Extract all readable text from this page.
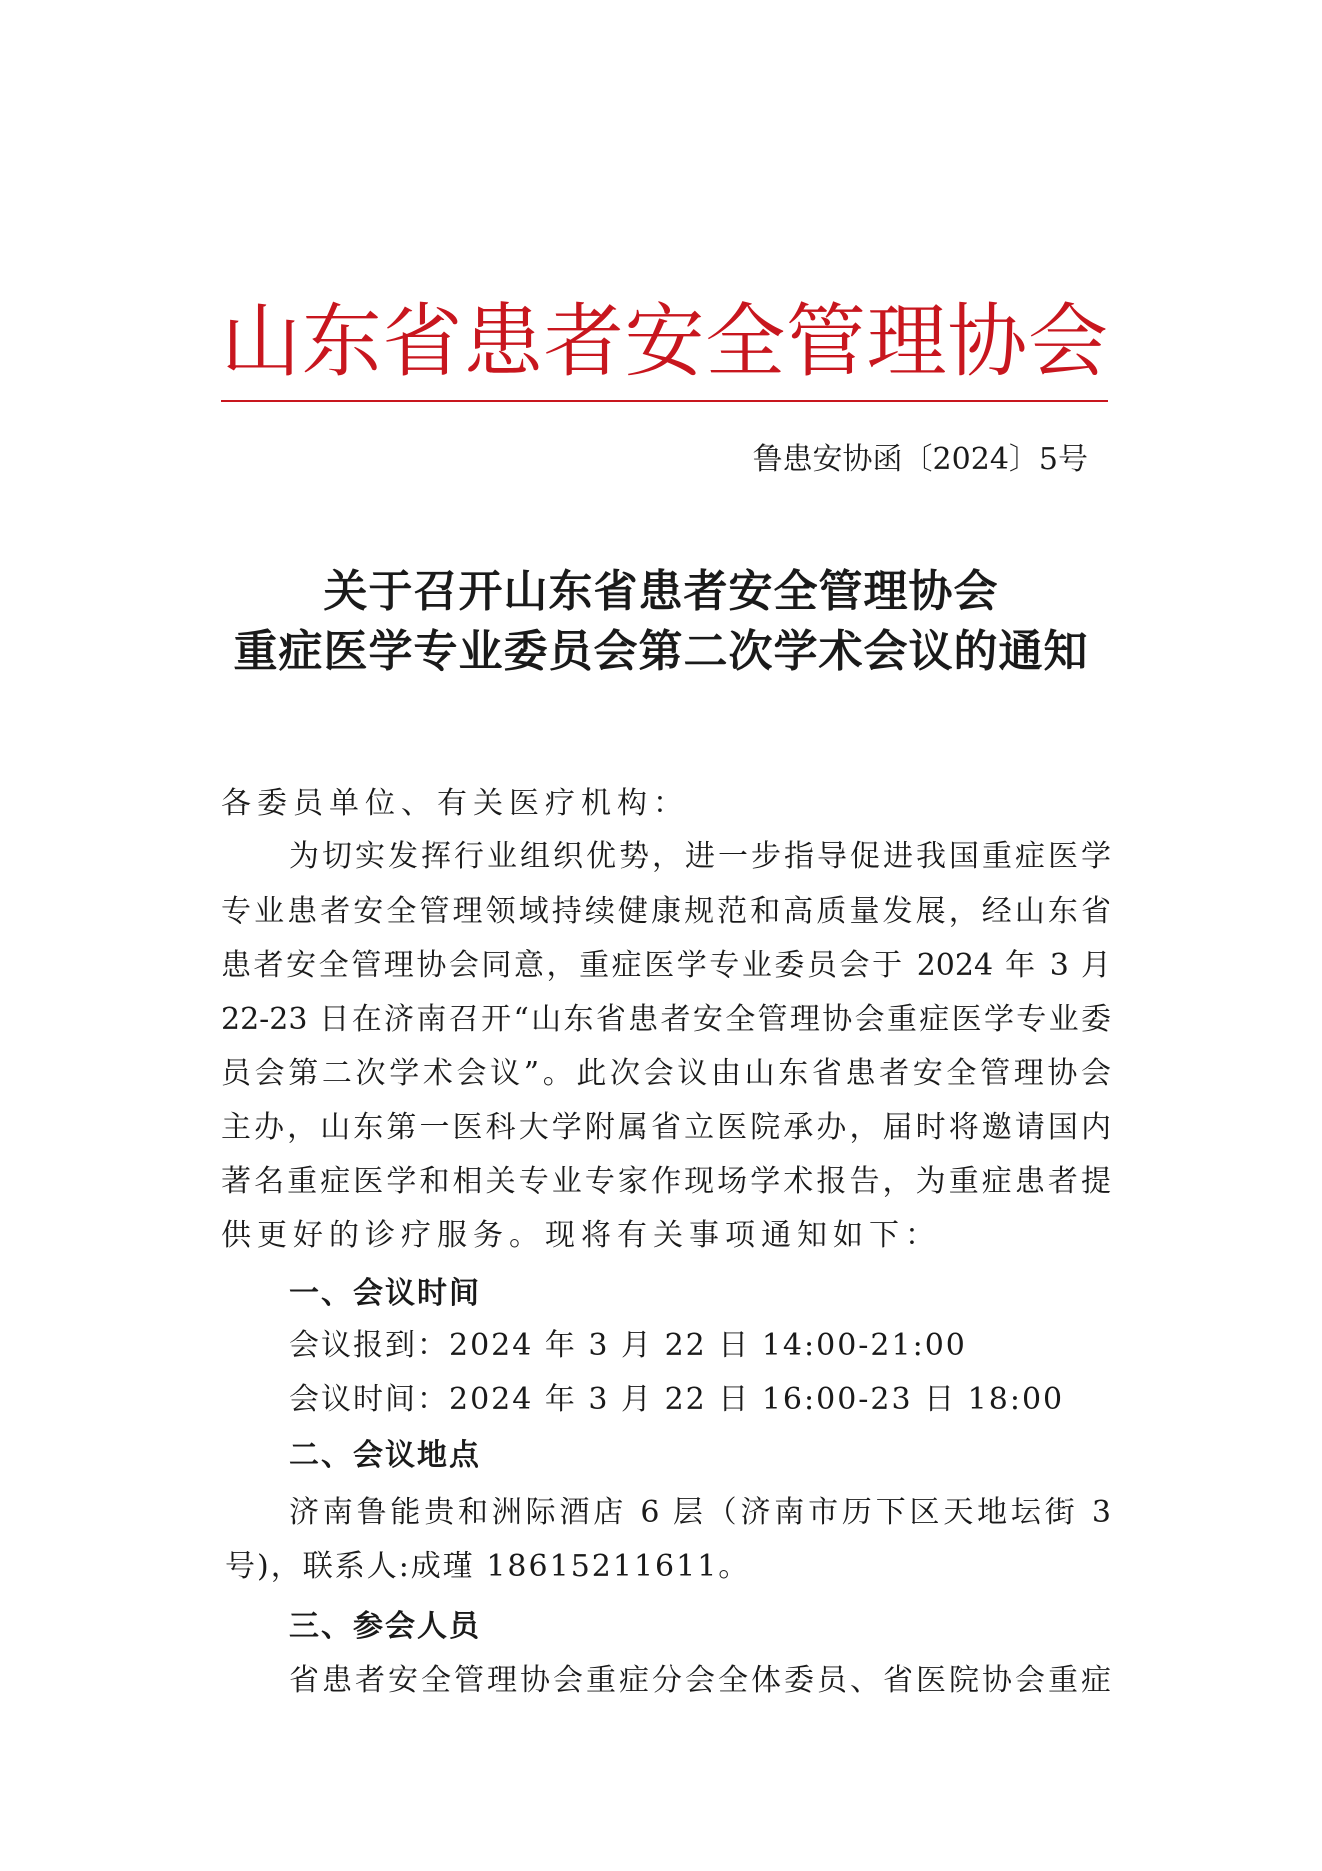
山东省患者安全管理协会
鲁患安协函〔2024〕5号
关于召开山东省患者安全管理协会
重症医学专业委员会第二次学术会议的通知
各委员单位、有关医疗机构：
为切实发挥行业组织优势，进一步指导促进我国重症医学
专业患者安全管理领域持续健康规范和高质量发展，经山东省
患者安全管理协会同意，重症医学专业委员会于 2024 年 3 月
22-23 日在济南召开“山东省患者安全管理协会重症医学专业委
员会第二次学术会议”。此次会议由山东省患者安全管理协会
主办，山东第一医科大学附属省立医院承办，届时将邀请国内
著名重症医学和相关专业专家作现场学术报告，为重症患者提
供更好的诊疗服务。现将有关事项通知如下：
一、会议时间
会议报到：2024 年 3 月 22 日 14:00-21:00
会议时间：2024 年 3 月 22 日 16:00-23 日 18:00
二、会议地点
济南鲁能贵和洲际酒店 6 层（济南市历下区天地坛街 3
号)，联系人:成瑾 18615211611。
三、参会人员
省患者安全管理协会重症分会全体委员、省医院协会重症
